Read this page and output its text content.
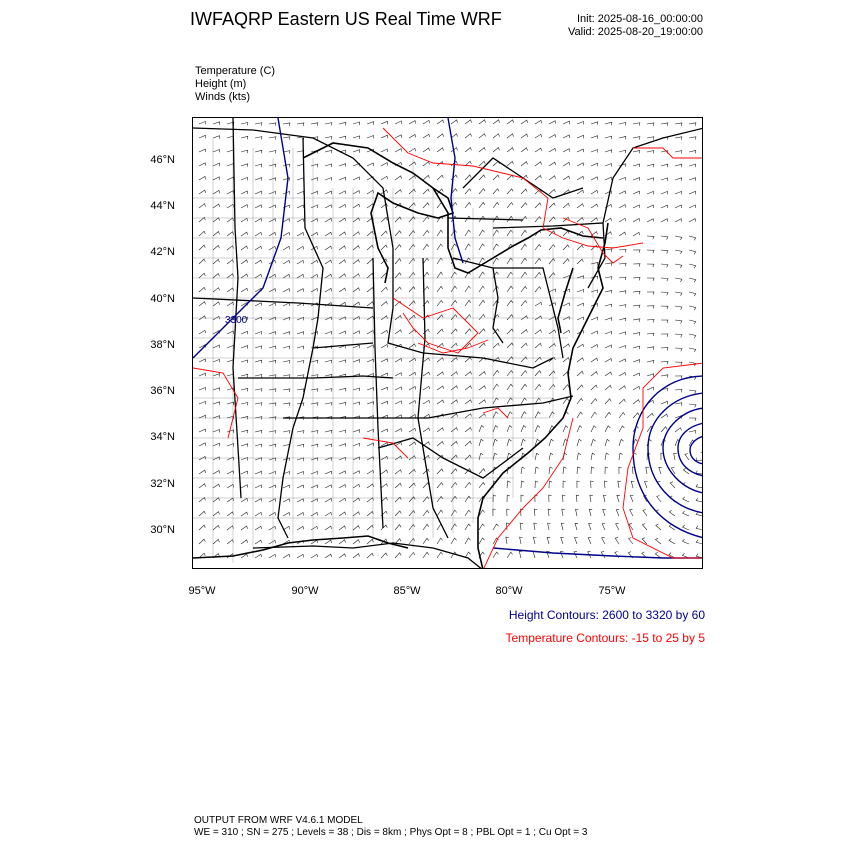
IWFAQRP Eastern US Real Time WRF	Init: 2025-08-16_00:00:00
Valid: 2025-08-20_19:00:00
Temperature (C)
Height (m)
Winds (kts)
3300
46°N
44°N
42°N
40°N
38°N
36°N
34°N
32°N
30°N
95°W	90°W	85°W	80°W	75°W
Height Contours: 2600 to 3320 by 60
Temperature Contours: -15 to 25 by 5
OUTPUT FROM WRF V4.6.1 MODEL
WE = 310 ; SN = 275 ; Levels = 38 ; Dis = 8km ; Phys Opt = 8 ; PBL Opt = 1 ; Cu Opt = 3
